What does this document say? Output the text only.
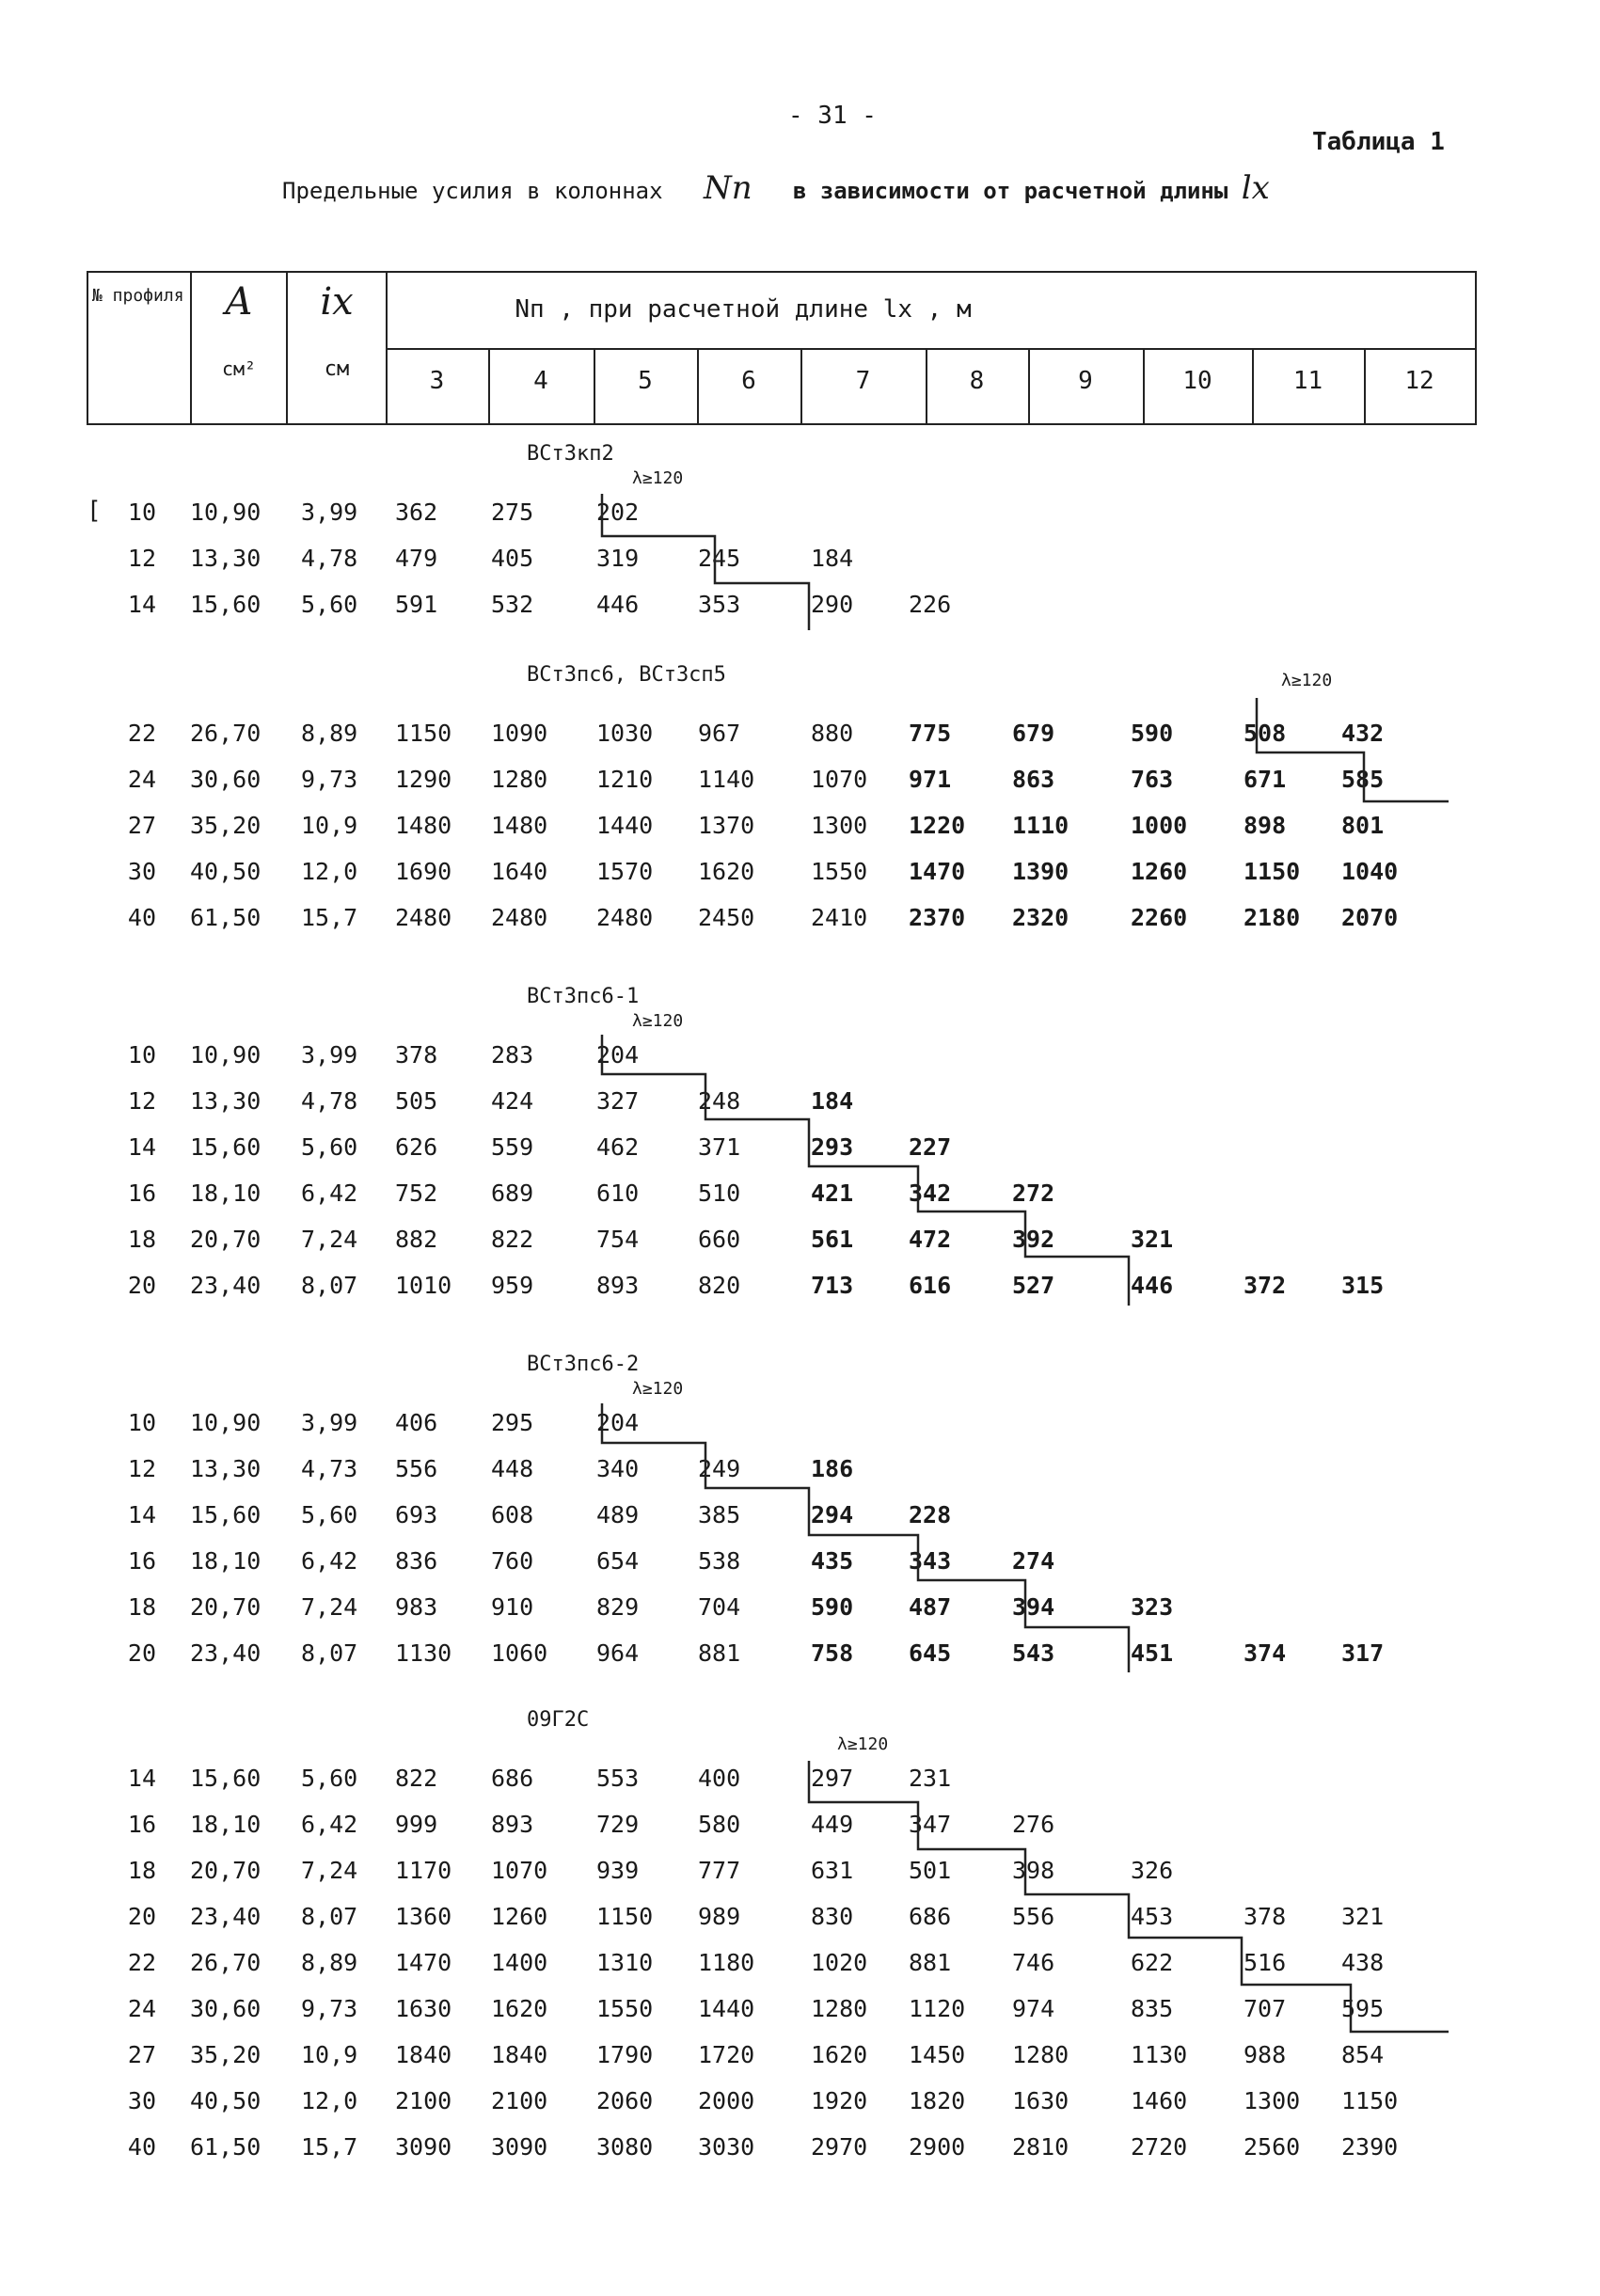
- 31 -
Таблица 1
Предельные усилия в колоннах Nп в зависимости от расчетной длины lx
№ профиля	A
см²
ix
см
Nп , при расчетной длине lx , м
3	4	5	6	7	8	9	10	11	12
ВСт3кп2
λ≥120
10 10,90 3,99 362 275	202
12 13,30 4,78 479 405	319	245	184
14 15,60 5,60 591 532	446	353	290 226
ВСт3пс6, ВСт3сп5	λ≥120
22 26,70 8,89 1150 1090 1030 967	880 775	679	590	508 432
24 30,60 9,73 1290 1280 1210 1140 1070 971	863	763	671 585
27 35,20 10,9 1480 1480 1440 1370 1300 1220 1110	1000 898 801
30 40,50 12,0 1690 1640 1570 1620 1550 1470 1390	1260 1150 1040
40 61,50 15,7 2480 2480 2480 2450 2410 2370 2320	2260 2180 2070
ВСт3пс6-1
λ≥120
10 10,90 3,99 378 283	204
12 13,30 4,78 505 424	327	248	184
14 15,60 5,60 626 559	462	371	293 227
16 18,10 6,42 752 689	610	510	421 342	272
18 20,70 7,24 882 822	754	660	561 472	392	321
20 23,40 8,07 1010 959	893	820	713 616	527	446	372 315
ВСт3пс6-2
λ≥120
10 10,90 3,99 406 295	204
12 13,30 4,73 556 448	340	249	186
14 15,60 5,60 693 608	489	385	294 228
16 18,10 6,42 836 760	654	538	435 343	274
18 20,70 7,24 983 910	829	704	590 487	394	323
20 23,40 8,07 1130 1060 964	881	758 645	543	451	374 317
09Г2С
λ≥120
14 15,60 5,60 822 686	553	400	297 231
16 18,10 6,42 999 893	729	580	449 347	276
18 20,70 7,24 1170 1070 939	777	631 501	398	326
20 23,40 8,07 1360 1260 1150 989	830 686	556	453	378 321
22 26,70 8,89 1470 1400 1310 1180 1020 881	746	622	516 438
24 30,60 9,73 1630 1620 1550 1440 1280 1120 974	835	707 595
27 35,20 10,9 1840 1840 1790 1720 1620 1450 1280	1130 988 854
30 40,50 12,0 2100 2100 2060 2000 1920 1820 1630	1460 1300 1150
40 61,50 15,7 3090 3090 3080 3030 2970 2900 2810	2720 2560 2390
[
